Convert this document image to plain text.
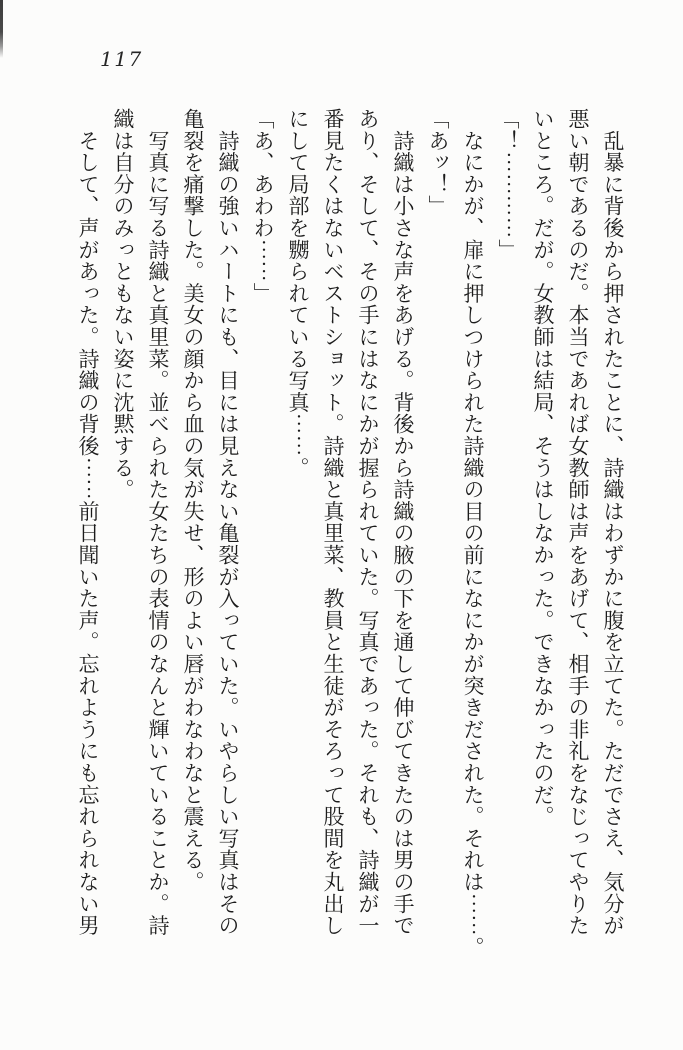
117
　乱暴に背後から押されたことに、詩織はわずかに腹を立てた。ただでさえ、気分が
悪い朝であるのだ。本当であれば女教師は声をあげて、相手の非礼をなじってやりた
いところ。だが。女教師は結局、そうはしなかった。できなかったのだ。
「！︙︙︙︙」
　なにかが、扉に押しつけられた詩織の目の前になにかが突きだされた。それは︙︙。
「あッ！」
　詩織は小さな声をあげる。背後から詩織の腋の下を通して伸びてきたのは男の手で
あり、そして、その手にはなにかが握られていた。写真であった。それも、詩織が一
番見たくはないベストショット。詩織と真里菜、教員と生徒がそろって股間を丸出し
にして局部を嬲られている写真︙︙。
「あ、あわわ︙︙」
　詩織の強いハートにも、目には見えない亀裂が入っていた。いやらしい写真はその
亀裂を痛撃した。美女の顔から血の気が失せ、形のよい唇がわなわなと震える。
　写真に写る詩織と真里菜。並べられた女たちの表情のなんと輝いていることか。詩
織は自分のみっともない姿に沈黙する。
　そして、声があった。詩織の背後︙︙前日聞いた声。忘れようにも忘れられない男
